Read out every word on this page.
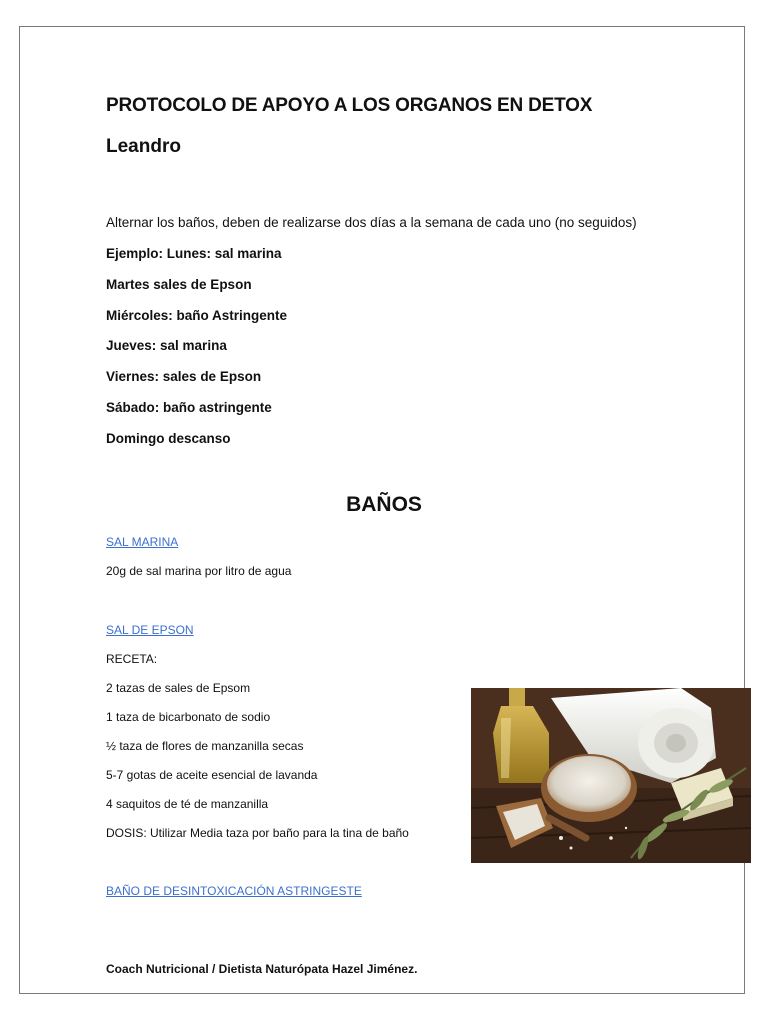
PROTOCOLO DE APOYO A LOS ORGANOS EN DETOX
Leandro
Alternar los baños, deben de realizarse dos días a la semana de cada uno (no seguidos)
Ejemplo: Lunes: sal marina
Martes sales de Epson
Miércoles: baño Astringente
Jueves: sal marina
Viernes: sales de Epson
Sábado: baño astringente
Domingo descanso
BAÑOS
SAL MARINA
20g de sal marina por litro de agua
SAL DE EPSON
RECETA:
2 tazas de sales de Epsom
1 taza de bicarbonato de sodio
½ taza de flores de manzanilla secas
5-7 gotas de aceite esencial de lavanda
4 saquitos de té de manzanilla
DOSIS: Utilizar Media taza por baño para la tina de baño
BAÑO DE DESINTOXICACIÓN ASTRINGESTE
Coach Nutricional / Dietista Naturópata Hazel Jiménez.
